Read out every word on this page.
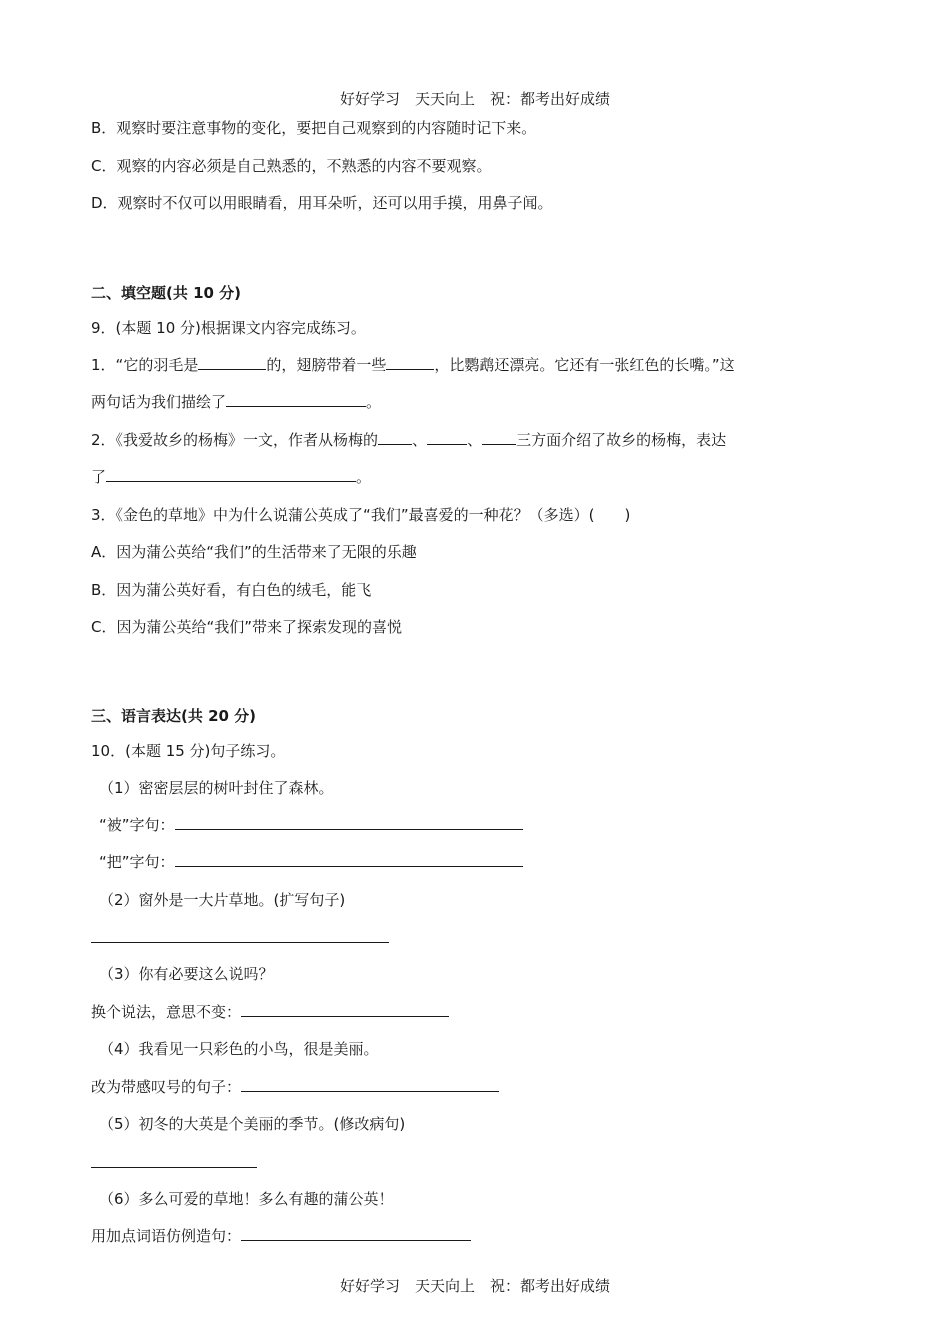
好好学习　天天向上　祝：都考出好成绩
B．观察时要注意事物的变化，要把自己观察到的内容随时记下来。
C．观察的内容必须是自己熟悉的，不熟悉的内容不要观察。
D．观察时不仅可以用眼睛看，用耳朵听，还可以用手摸，用鼻子闻。
二、填空题(共 10 分)
9．(本题 10 分)根据课文内容完成练习。
1．“它的羽毛是	的，翅膀带着一些	，比鹦鹉还漂亮。它还有一张红色的长嘴。”这
两句话为我们描绘了	。
2．《我爱故乡的杨梅》一文，作者从杨梅的 、	、 三方面介绍了故乡的杨梅，表达
了	。
3．《金色的草地》中为什么说蒲公英成了“我们”最喜爱的一种花？（多选）(　　)
A．因为蒲公英给“我们”的生活带来了无限的乐趣
B．因为蒲公英好看，有白色的绒毛，能飞
C．因为蒲公英给“我们”带来了探索发现的喜悦
三、语言表达(共 20 分)
10．(本题 15 分)句子练习。
（1）密密层层的树叶封住了森林。
“被”字句：
“把”字句：
（2）窗外是一大片草地。(扩写句子)
（3）你有必要这么说吗？
换个说法，意思不变：
（4）我看见一只彩色的小鸟，很是美丽。
改为带感叹号的句子：
（5）初冬的大英是个美丽的季节。(修改病句)
（6）多么可爱的草地！多么有趣的蒲公英！
用加点词语仿例造句：
好好学习　天天向上　祝：都考出好成绩
